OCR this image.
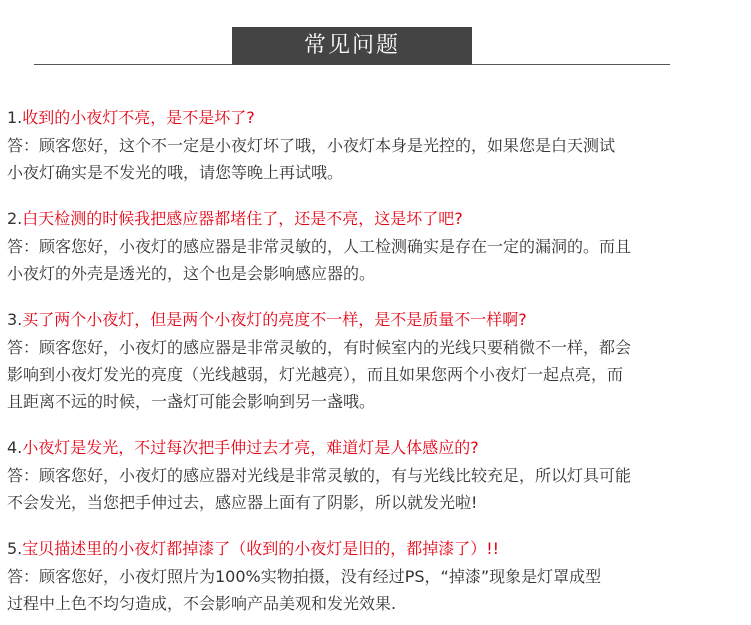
常见问题
1.收到的小夜灯不亮，是不是坏了?
答：顾客您好，这个不一定是小夜灯坏了哦，小夜灯本身是光控的，如果您是白天测试
小夜灯确实是不发光的哦，请您等晚上再试哦。
2.白天检测的时候我把感应器都堵住了，还是不亮，这是坏了吧?
答：顾客您好，小夜灯的感应器是非常灵敏的，人工检测确实是存在一定的漏洞的。而且
小夜灯的外壳是透光的，这个也是会影响感应器的。
3.买了两个小夜灯，但是两个小夜灯的亮度不一样，是不是质量不一样啊?
答：顾客您好，小夜灯的感应器是非常灵敏的，有时候室内的光线只要稍微不一样，都会
影响到小夜灯发光的亮度（光线越弱，灯光越亮），而且如果您两个小夜灯一起点亮，而
且距离不远的时候，一盏灯可能会影响到另一盏哦。
4.小夜灯是发光，不过每次把手伸过去才亮，难道灯是人体感应的?
答：顾客您好，小夜灯的感应器对光线是非常灵敏的，有与光线比较充足，所以灯具可能
不会发光，当您把手伸过去，感应器上面有了阴影，所以就发光啦!
5.宝贝描述里的小夜灯都掉漆了（收到的小夜灯是旧的，都掉漆了）!!
答：顾客您好，小夜灯照片为100%实物拍摄，没有经过PS，“掉漆”现象是灯罩成型
过程中上色不均匀造成，不会影响产品美观和发光效果.
